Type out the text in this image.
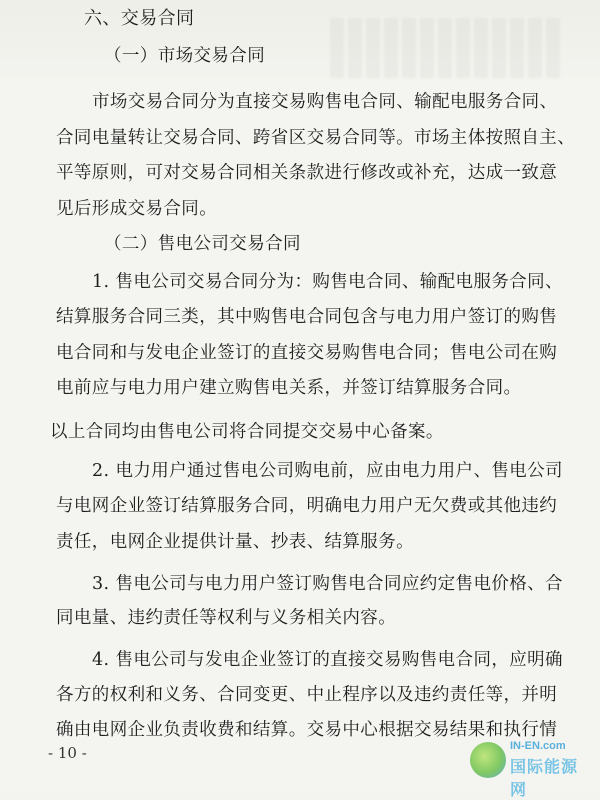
六、交易合同
（一）市场交易合同
市场交易合同分为直接交易购售电合同、输配电服务合同、
合同电量转让交易合同、跨省区交易合同等。市场主体按照自主、
平等原则，可对交易合同相关条款进行修改或补充，达成一致意
见后形成交易合同。
（二）售电公司交易合同
1. 售电公司交易合同分为：购售电合同、输配电服务合同、
结算服务合同三类，其中购售电合同包含与电力用户签订的购售
电合同和与发电企业签订的直接交易购售电合同；售电公司在购
电前应与电力用户建立购售电关系，并签订结算服务合同。
以上合同均由售电公司将合同提交交易中心备案。
2. 电力用户通过售电公司购电前，应由电力用户、售电公司
与电网企业签订结算服务合同，明确电力用户无欠费或其他违约
责任，电网企业提供计量、抄表、结算服务。
3. 售电公司与电力用户签订购售电合同应约定售电价格、合
同电量、违约责任等权利与义务相关内容。
4. 售电公司与发电企业签订的直接交易购售电合同，应明确
各方的权利和义务、合同变更、中止程序以及违约责任等，并明
确由电网企业负责收费和结算。交易中心根据交易结果和执行情
- 10 -	IN-EN.com
国际能源网
